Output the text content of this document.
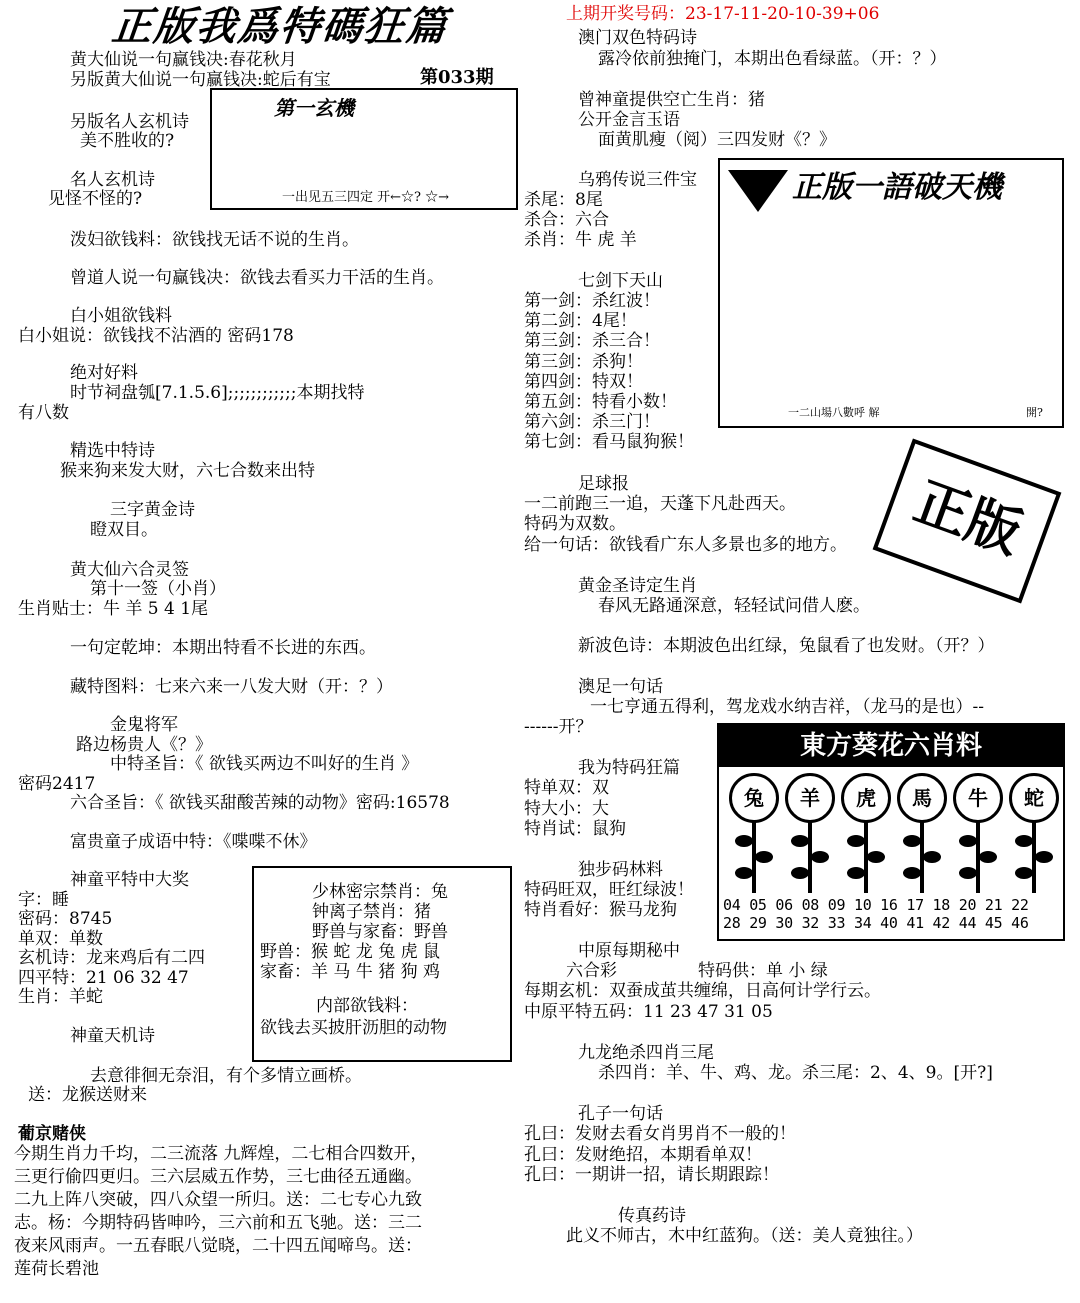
正版我爲特碼狂篇	上期开奖号码：23-17-11-20-10-39+06
第033期
第一玄機
一出见五三四定 开←☆? ☆→	正版一語破天機
一二山場八數呼 解	開?
正版
東方葵花六肖料
兔	羊	虎	馬	牛	蛇
04 05 06 08 09 10 16 17 18 20 21 22
28 29 30 32 33 34 40 41 42 44 45 46
少林密宗禁肖：兔
钟离子禁肖：猪
野兽与家畜：野兽
野兽：猴 蛇 龙 兔 虎 鼠
家畜：羊 马 牛 猪 狗 鸡
内部欲钱料：
欲钱去买披肝沥胆的动物
黄大仙说一句赢钱决:春花秋月
另版黄大仙说一句赢钱决:蛇后有宝
另版名人玄机诗
美不胜收的?
名人玄机诗
见怪不怪的?
泼妇欲钱料：欲钱找无话不说的生肖。
曾道人说一句赢钱决：欲钱去看买力干活的生肖。
白小姐欲钱料
白小姐说：欲钱找不沾酒的 密码178
绝对好料
时节祠盘瓠[7.1.5.6];;;;;;;;;;;;本期找特
有八数
精选中特诗
猴来狗来发大财，六七合数来出特
三字黄金诗
瞪双目。
黄大仙六合灵签
第十一签（小肖）
生肖贴士：牛 羊 5 4 1尾
一句定乾坤：本期出特看不长进的东西。
藏特图料：七来六来一八发大财（开：？）
金鬼将军
路边杨贵人《？》
中特圣旨：《 欲钱买两边不叫好的生肖 》
密码2417
六合圣旨：《 欲钱买甜酸苦辣的动物》密码:16578
富贵童子成语中特：《喋喋不休》
神童平特中大奖
字：睡
密码：8745
单双：单数
玄机诗：龙来鸡后有二四
四平特：21 06 32 47
生肖：羊蛇
神童天机诗
去意徘徊无奈泪，有个多情立画桥。
送：龙猴送财来
葡京赌侠
今期生肖力千均，二三流落 九辉煌，二七相合四数开，
三更行偷四更归。三六层威五作势，三七曲径五通幽。
二九上阵八突破，四八众望一所归。送：二七专心九致
志。杨：今期特码皆呻吟，三六前和五飞驰。送：三二
夜来风雨声。一五春眠八觉晓，二十四五闻啼鸟。送：
莲荷长碧池
澳门双色特码诗
露冷依前独掩门，本期出色看绿蓝。（开：？）
曾神童提供空亡生肖：猪
公开金言玉语
面黄肌瘦（阅）三四发财《？》
乌鸦传说三件宝
杀尾：8尾
杀合：六合
杀肖：牛 虎 羊
七剑下天山
第一剑：杀红波！
第二剑：4尾！
第三剑：杀三合！
第三剑：杀狗！
第四剑：特双！
第五剑：特看小数！
第六剑：杀三门！
第七剑：看马鼠狗猴！
足球报
一二前跑三一追，天蓬下凡赴西天。
特码为双数。
给一句话：欲钱看广东人多景也多的地方。
黄金圣诗定生肖
春风无路通深意，轻轻试问借人麽。
新波色诗：本期波色出红绿，兔鼠看了也发财。（开？）
澳足一句话
一七亨通五得利，驾龙戏水纳吉祥，（龙马的是也）--
------开？
我为特码狂篇
特单双：双
特大小：大
特肖试：鼠狗
独步码林料
特码旺双，旺红绿波！
特肖看好：猴马龙狗
中原每期秘中
六合彩	特码供：单 小 绿
每期玄机：双蚕成茧共缠绵，日高何计学行云。
中原平特五码：11 23 47 31 05
九龙绝杀四肖三尾
杀四肖：羊、牛、鸡、龙。杀三尾：2、4、9。[开?]
孔子一句话
孔曰：发财去看女肖男肖不一般的！
孔曰：发财绝招，本期看单双！
孔曰：一期讲一招，请长期跟踪！
传真药诗
此义不师古，木中红蓝狗。（送：美人竟独往。）
